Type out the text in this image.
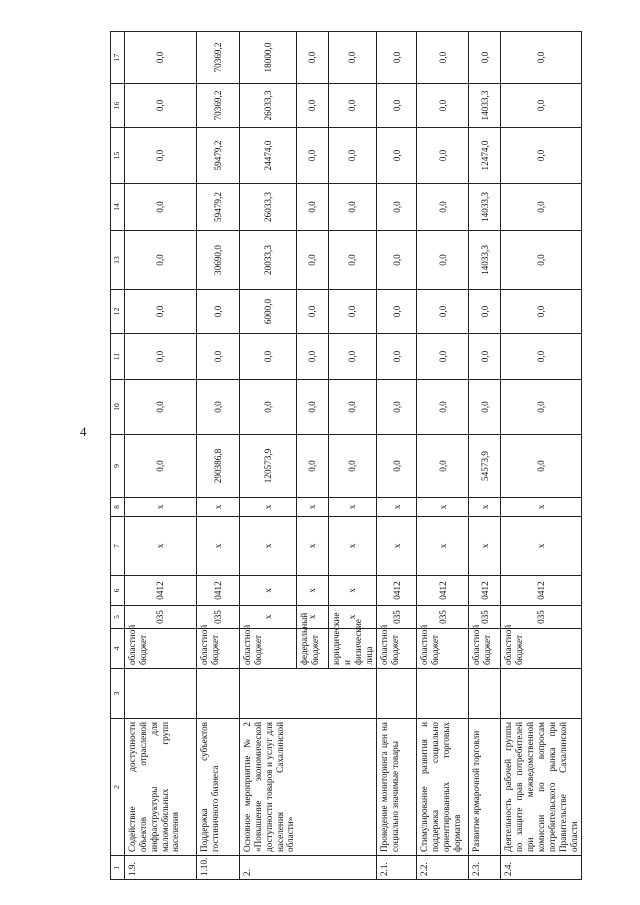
4
1	2	3	4	5	6	7	8	9	10	11	12	13	14	15	16	17
1.9.	Содействие доступности объектов отраслевой инфраструктуры для маломобильных групп населения		областной бюджет	035	0412	x	x	0,0	0,0	0,0	0,0	0,0	0,0	0,0	0,0	0,0
1.10.	Поддержка субъектов гостиничного бизнеса		областной бюджет	035	0412	x	x	290386,8	0,0	0,0	0,0	30690,0	59479,2	59479,2	70369,2	70369,2
2.	Основное мероприятие № 2 «Повышение экономической доступности товаров и услуг для населения Сахалинской области»		областной бюджет	x	x	x	x	120573,9	0,0	0,0	6000,0	20033,3	26033,3	24474,0	26033,3	18000,0
			федеральный бюджет	x	x	x	x	0,0	0,0	0,0	0,0	0,0	0,0	0,0	0,0	0,0
			юридические и физические лица	x	x	x	x	0,0	0,0	0,0	0,0	0,0	0,0	0,0	0,0	0,0
2.1.	Проведение мониторинга цен на социально значимые товары		областной бюджет	035	0412	x	x	0,0	0,0	0,0	0,0	0,0	0,0	0,0	0,0	0,0
2.2.	Стимулирование развития и поддержка социально ориентированных торговых форматов		областной бюджет	035	0412	x	x	0,0	0,0	0,0	0,0	0,0	0,0	0,0	0,0	0,0
2.3.	Развитие ярмарочной торговли		областной бюджет	035	0412	x	x	54573,9	0,0	0,0	0,0	14033,3	14033,3	12474,0	14033,3	0,0
2.4.	Деятельность рабочей группы по защите прав потребителей при межведомственной комиссии по вопросам потребительского рынка при Правительстве Сахалинской области		областной бюджет	035	0412	x	x	0,0	0,0	0,0	0,0	0,0	0,0	0,0	0,0	0,0
